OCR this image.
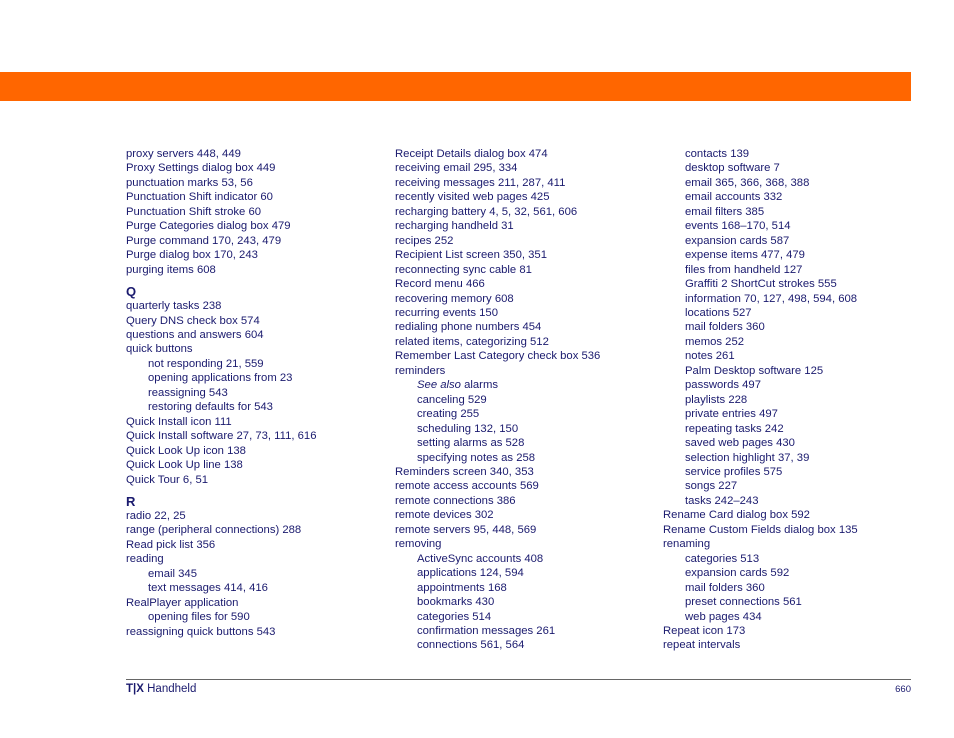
proxy servers 448, 449
Proxy Settings dialog box 449
punctuation marks 53, 56
Punctuation Shift indicator 60
Punctuation Shift stroke 60
Purge Categories dialog box 479
Purge command 170, 243, 479
Purge dialog box 170, 243
purging items 608
Q
quarterly tasks 238
Query DNS check box 574
questions and answers 604
quick buttons
not responding 21, 559
opening applications from 23
reassigning 543
restoring defaults for 543
Quick Install icon 111
Quick Install software 27, 73, 111, 616
Quick Look Up icon 138
Quick Look Up line 138
Quick Tour 6, 51
R
radio 22, 25
range (peripheral connections) 288
Read pick list 356
reading
email 345
text messages 414, 416
RealPlayer application
opening files for 590
reassigning quick buttons 543
Receipt Details dialog box 474
receiving email 295, 334
receiving messages 211, 287, 411
recently visited web pages 425
recharging battery 4, 5, 32, 561, 606
recharging handheld 31
recipes 252
Recipient List screen 350, 351
reconnecting sync cable 81
Record menu 466
recovering memory 608
recurring events 150
redialing phone numbers 454
related items, categorizing 512
Remember Last Category check box 536
reminders
See also alarms
canceling 529
creating 255
scheduling 132, 150
setting alarms as 528
specifying notes as 258
Reminders screen 340, 353
remote access accounts 569
remote connections 386
remote devices 302
remote servers 95, 448, 569
removing
ActiveSync accounts 408
applications 124, 594
appointments 168
bookmarks 430
categories 514
confirmation messages 261
connections 561, 564
contacts 139
desktop software 7
email 365, 366, 368, 388
email accounts 332
email filters 385
events 168–170, 514
expansion cards 587
expense items 477, 479
files from handheld 127
Graffiti 2 ShortCut strokes 555
information 70, 127, 498, 594, 608
locations 527
mail folders 360
memos 252
notes 261
Palm Desktop software 125
passwords 497
playlists 228
private entries 497
repeating tasks 242
saved web pages 430
selection highlight 37, 39
service profiles 575
songs 227
tasks 242–243
Rename Card dialog box 592
Rename Custom Fields dialog box 135
renaming
categories 513
expansion cards 592
mail folders 360
preset connections 561
web pages 434
Repeat icon 173
repeat intervals
T|X Handheld	660
